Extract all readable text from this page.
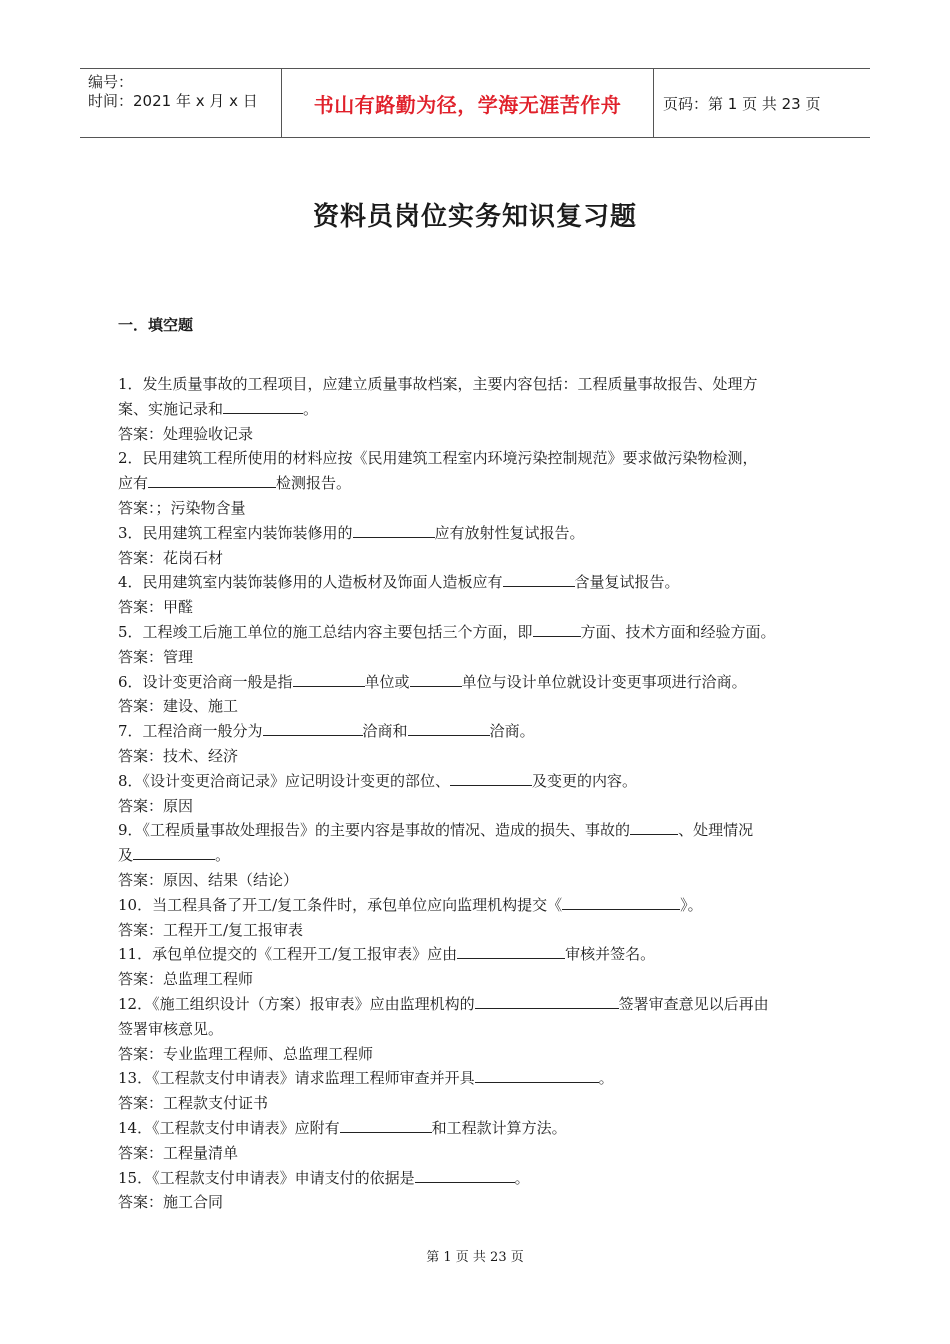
编号：
时间：2021 年 x 月 x 日	书山有路勤为径，学海无涯苦作舟	页码：第 1 页 共 23 页
资料员岗位实务知识复习题
一．填空题
1．发生质量事故的工程项目，应建立质量事故档案，主要内容包括：工程质量事故报告、处理方
案、实施记录和	。
答案：处理验收记录
2．民用建筑工程所使用的材料应按《民用建筑工程室内环境污染控制规范》要求做污染物检测，
应有	检测报告。
答案：；污染物含量
3．民用建筑工程室内装饰装修用的	应有放射性复试报告。
答案：花岗石材
4．民用建筑室内装饰装修用的人造板材及饰面人造板应有	含量复试报告。
答案：甲醛
5．工程竣工后施工单位的施工总结内容主要包括三个方面，即	方面、技术方面和经验方面。
答案：管理
6．设计变更洽商一般是指	单位或	单位与设计单位就设计变更事项进行洽商。
答案：建设、施工
7．工程洽商一般分为	洽商和	洽商。
答案：技术、经济
8．《设计变更洽商记录》应记明设计变更的部位、	及变更的内容。
答案：原因
9．《工程质量事故处理报告》的主要内容是事故的情况、造成的损失、事故的	、处理情况
及	。
答案：原因、结果（结论）
10．当工程具备了开工/复工条件时，承包单位应向监理机构提交《	》。
答案：工程开工/复工报审表
11．承包单位提交的《工程开工/复工报审表》应由	审核并签名。
答案：总监理工程师
12．《施工组织设计（方案）报审表》应由监理机构的	签署审查意见以后再由
签署审核意见。
答案：专业监理工程师、总监理工程师
13．《工程款支付申请表》请求监理工程师审查并开具	。
答案：工程款支付证书
14．《工程款支付申请表》应附有	和工程款计算方法。
答案：工程量清单
15．《工程款支付申请表》申请支付的依据是	。
答案：施工合同
第 1 页 共 23 页
